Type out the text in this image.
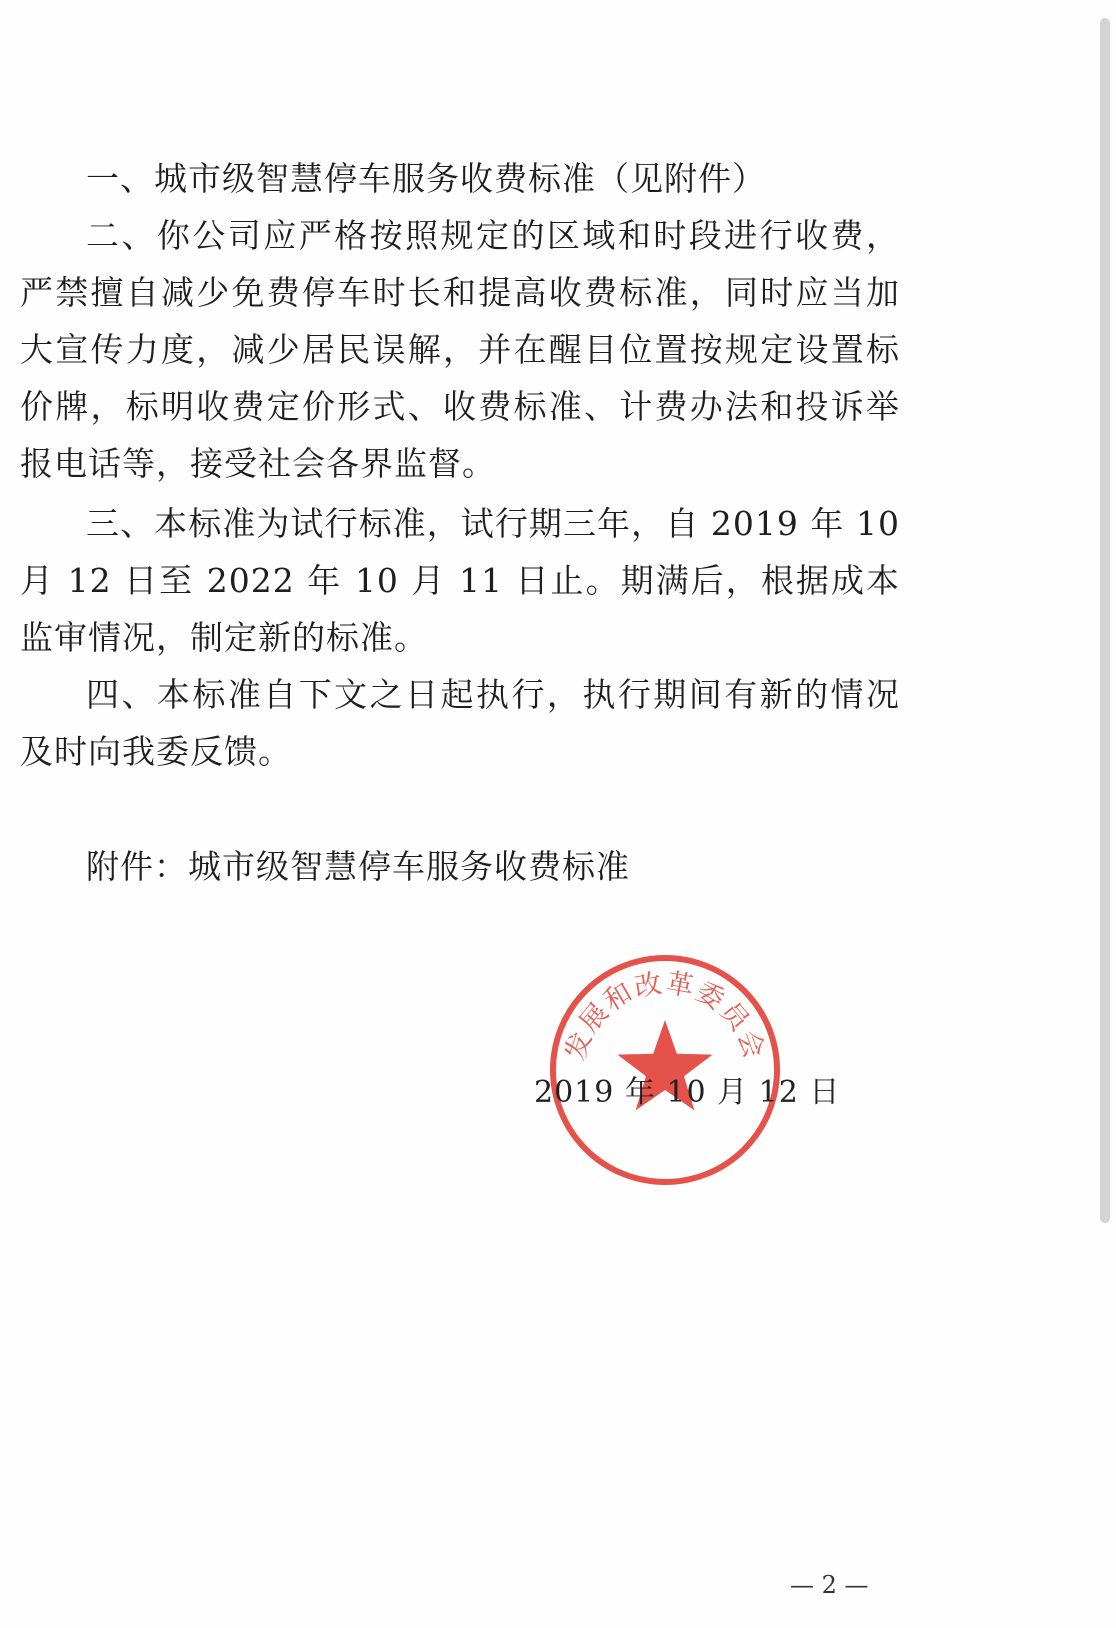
一、城市级智慧停车服务收费标准（见附件）

二、你公司应严格按照规定的区域和时段进行收费，严禁擅自减少免费停车时长和提高收费标准，同时应当加大宣传力度，减少居民误解，并在醒目位置按规定设置标价牌，标明收费定价形式、收费标准、计费办法和投诉举报电话等，接受社会各界监督。

三、本标准为试行标准，试行期三年，自 2019 年 10 月 12 日至 2022 年 10 月 11 日止。期满后，根据成本监审情况，制定新的标准。

四、本标准自下文之日起执行，执行期间有新的情况及时向我委反馈。

附件：城市级智慧停车服务收费标准

发展和改革委员会
2019 年 10 月 12 日
— 2 —
